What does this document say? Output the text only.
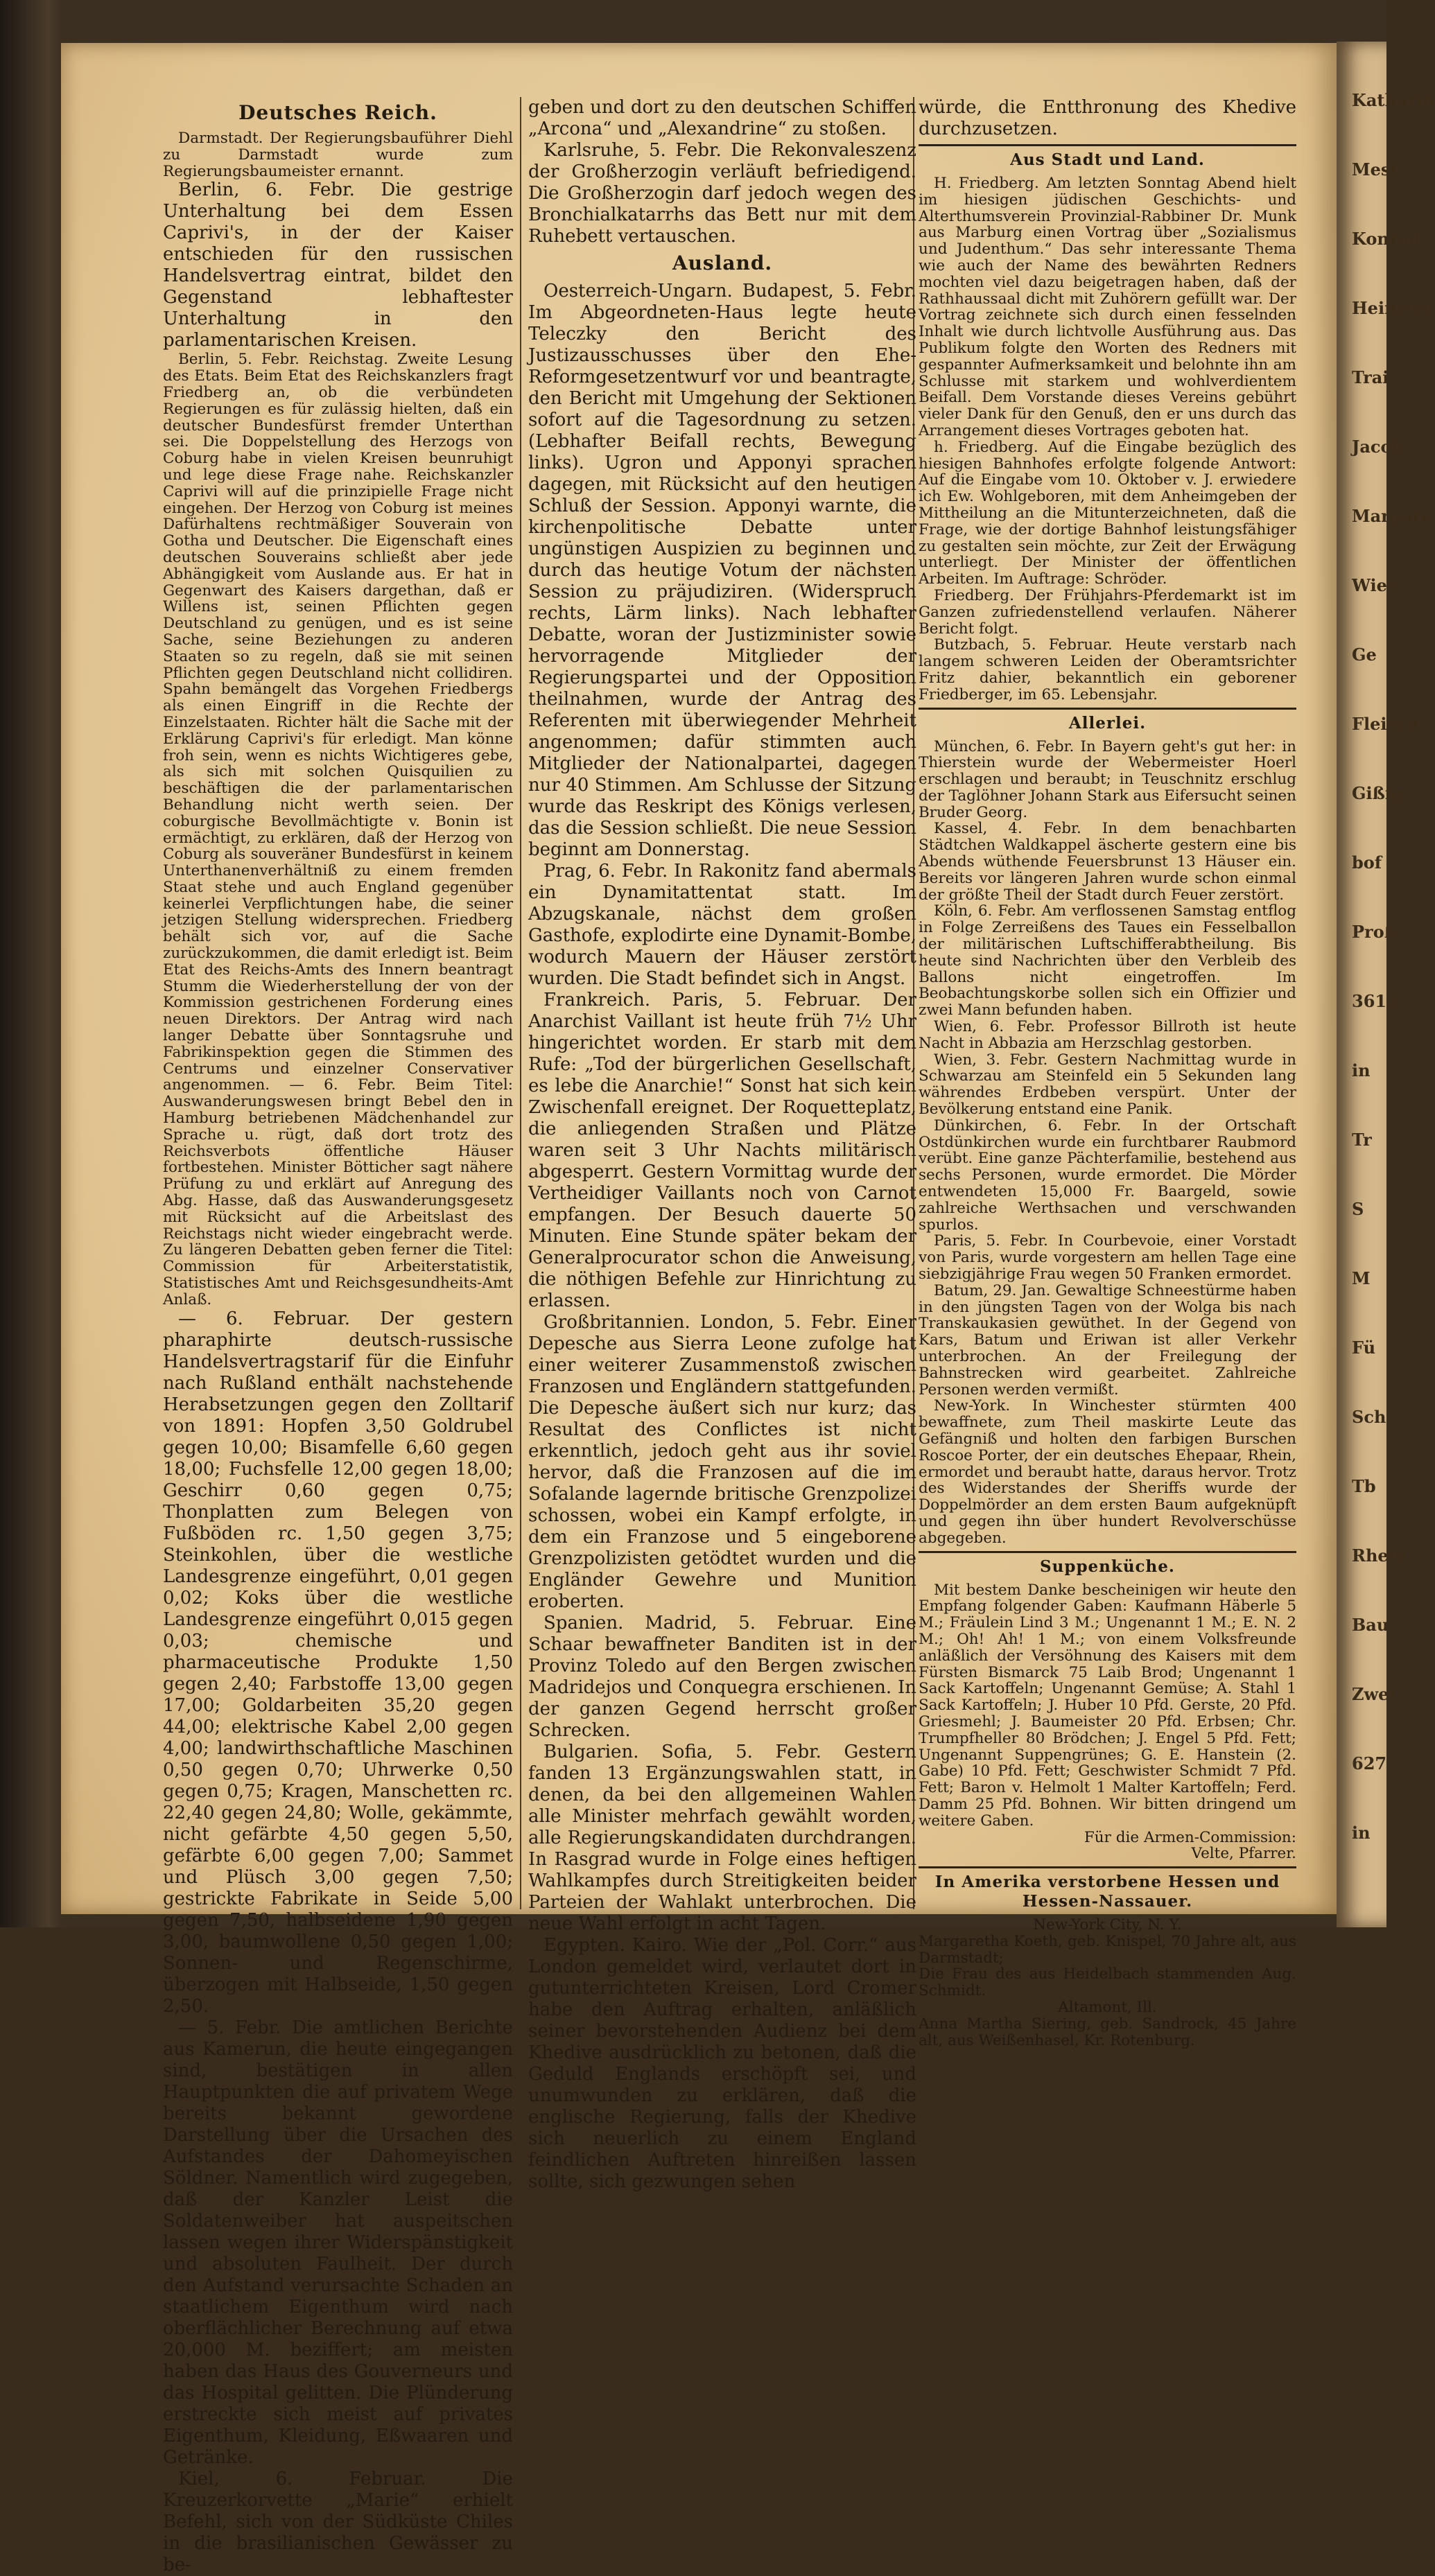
Katharin
Mesl
Konrad
Heinrich
Trai
Jacob
Margare
Wies
Ge
Fleisch
Gißig
bof
Proß
3612
in
Tr
S
M
Fü
Sch
Tb
Rhein
Bau
Zwei
627
in
Deutsches Reich.

Darmstadt. Der Regierungsbauführer Diehl zu Darmstadt wurde zum Regierungsbaumeister ernannt.

Berlin, 6. Febr. Die gestrige Unterhaltung bei dem Essen Caprivi's, in der der Kaiser entschieden für den russischen Handelsvertrag eintrat, bildet den Gegenstand lebhaftester Unterhaltung in den parlamentarischen Kreisen.

Berlin, 5. Febr. Reichstag. Zweite Lesung des Etats. Beim Etat des Reichskanzlers fragt Friedberg an, ob die verbündeten Regierungen es für zulässig hielten, daß ein deutscher Bundesfürst fremder Unterthan sei. Die Doppelstellung des Herzogs von Coburg habe in vielen Kreisen beunruhigt und lege diese Frage nahe. Reichskanzler Caprivi will auf die prinzipielle Frage nicht eingehen. Der Herzog von Coburg ist meines Dafürhaltens rechtmäßiger Souverain von Gotha und Deutscher. Die Eigenschaft eines deutschen Souverains schließt aber jede Abhängigkeit vom Auslande aus. Er hat in Gegenwart des Kaisers dargethan, daß er Willens ist, seinen Pflichten gegen Deutschland zu genügen, und es ist seine Sache, seine Beziehungen zu anderen Staaten so zu regeln, daß sie mit seinen Pflichten gegen Deutschland nicht collidiren. Spahn bemängelt das Vorgehen Friedbergs als einen Eingriff in die Rechte der Einzelstaaten. Richter hält die Sache mit der Erklärung Caprivi's für erledigt. Man könne froh sein, wenn es nichts Wichtigeres gebe, als sich mit solchen Quisquilien zu beschäftigen die der parlamentarischen Behandlung nicht werth seien. Der coburgische Bevollmächtigte v. Bonin ist ermächtigt, zu erklären, daß der Herzog von Coburg als souveräner Bundesfürst in keinem Unterthanenverhältniß zu einem fremden Staat stehe und auch England gegenüber keinerlei Verpflichtungen habe, die seiner jetzigen Stellung widersprechen. Friedberg behält sich vor, auf die Sache zurückzukommen, die damit erledigt ist. Beim Etat des Reichs-Amts des Innern beantragt Stumm die Wiederherstellung der von der Kommission gestrichenen Forderung eines neuen Direktors. Der Antrag wird nach langer Debatte über Sonntagsruhe und Fabrikinspektion gegen die Stimmen des Centrums und einzelner Conservativer angenommen. — 6. Febr. Beim Titel: Auswanderungswesen bringt Bebel den in Hamburg betriebenen Mädchenhandel zur Sprache u. rügt, daß dort trotz des Reichsverbots öffentliche Häuser fortbestehen. Minister Bötticher sagt nähere Prüfung zu und erklärt auf Anregung des Abg. Hasse, daß das Auswanderungsgesetz mit Rücksicht auf die Arbeitslast des Reichstags nicht wieder eingebracht werde. Zu längeren Debatten geben ferner die Titel: Commission für Arbeiterstatistik, Statistisches Amt und Reichsgesundheits-Amt Anlaß.

— 6. Februar. Der gestern pharaphirte deutsch-russische Handelsvertragstarif für die Einfuhr nach Rußland enthält nachstehende Herabsetzungen gegen den Zolltarif von 1891: Hopfen 3,50 Goldrubel gegen 10,00; Bisamfelle 6,60 gegen 18,00; Fuchsfelle 12,00 gegen 18,00; Geschirr 0,60 gegen 0,75; Thonplatten zum Belegen von Fußböden rc. 1,50 gegen 3,75; Steinkohlen, über die westliche Landesgrenze eingeführt, 0,01 gegen 0,02; Koks über die westliche Landesgrenze eingeführt 0,015 gegen 0,03; chemische und pharmaceutische Produkte 1,50 gegen 2,40; Farbstoffe 13,00 gegen 17,00; Goldarbeiten 35,20 gegen 44,00; elektrische Kabel 2,00 gegen 4,00; landwirthschaftliche Maschinen 0,50 gegen 0,70; Uhrwerke 0,50 gegen 0,75; Kragen, Manschetten rc. 22,40 gegen 24,80; Wolle, gekämmte, nicht gefärbte 4,50 gegen 5,50, gefärbte 6,00 gegen 7,00; Sammet und Plüsch 3,00 gegen 7,50; gestrickte Fabrikate in Seide 5,00 gegen 7,50, halbseidene 1,90 gegen 3,00, baumwollene 0,50 gegen 1,00; Sonnen- und Regenschirme, überzogen mit Halbseide, 1,50 gegen 2,50.

— 5. Febr. Die amtlichen Berichte aus Kamerun, die heute eingegangen sind, bestätigen in allen Hauptpunkten die auf privatem Wege bereits bekannt gewordene Darstellung über die Ursachen des Aufstandes der Dahomeyischen Söldner. Namentlich wird zugegeben, daß der Kanzler Leist die Soldatenweiber hat auspeitschen lassen wegen ihrer Widerspänstigkeit und absoluten Faulheit. Der durch den Aufstand verursachte Schaden an staatlichem Eigenthum wird nach oberflächlicher Berechnung auf etwa 20,000 M. beziffert; am meisten haben das Haus des Gouverneurs und das Hospital gelitten. Die Plünderung erstreckte sich meist auf privates Eigenthum, Kleidung, Eßwaaren und Getränke.

Kiel, 6. Februar. Die Kreuzerkorvette „Marie“ erhielt Befehl, sich von der Südküste Chiles in die brasilianischen Gewässer zu be-

geben und dort zu den deutschen Schiffen „Arcona“ und „Alexandrine“ zu stoßen.

Karlsruhe, 5. Febr. Die Rekonvaleszenz der Großherzogin verläuft befriedigend. Die Großherzogin darf jedoch wegen des Bronchialkatarrhs das Bett nur mit dem Ruhebett vertauschen.

Ausland.

Oesterreich-Ungarn. Budapest, 5. Febr. Im Abgeordneten-Haus legte heute Teleczky den Bericht des Justizausschusses über den Ehe-Reformgesetzentwurf vor und beantragte, den Bericht mit Umgehung der Sektionen sofort auf die Tagesordnung zu setzen. (Lebhafter Beifall rechts, Bewegung links). Ugron und Apponyi sprachen dagegen, mit Rücksicht auf den heutigen Schluß der Session. Apponyi warnte, die kirchenpolitische Debatte unter ungünstigen Auspizien zu beginnen und durch das heutige Votum der nächsten Session zu präjudiziren. (Widerspruch rechts, Lärm links). Nach lebhafter Debatte, woran der Justizminister sowie hervorragende Mitglieder der Regierungspartei und der Opposition theilnahmen, wurde der Antrag des Referenten mit überwiegender Mehrheit angenommen; dafür stimmten auch Mitglieder der Nationalpartei, dagegen nur 40 Stimmen. Am Schlusse der Sitzung wurde das Reskript des Königs verlesen, das die Session schließt. Die neue Session beginnt am Donnerstag.

Prag, 6. Febr. In Rakonitz fand abermals ein Dynamitattentat statt. Im Abzugskanale, nächst dem großen Gasthofe, explodirte eine Dynamit-Bombe, wodurch Mauern der Häuser zerstört wurden. Die Stadt befindet sich in Angst.

Frankreich. Paris, 5. Februar. Der Anarchist Vaillant ist heute früh 7½ Uhr hingerichtet worden. Er starb mit dem Rufe: „Tod der bürgerlichen Gesellschaft, es lebe die Anarchie!“ Sonst hat sich kein Zwischenfall ereignet. Der Roquetteplatz, die anliegenden Straßen und Plätze waren seit 3 Uhr Nachts militärisch abgesperrt. Gestern Vormittag wurde der Vertheidiger Vaillants noch von Carnot empfangen. Der Besuch dauerte 50 Minuten. Eine Stunde später bekam der Generalprocurator schon die Anweisung, die nöthigen Befehle zur Hinrichtung zu erlassen.

Großbritannien. London, 5. Febr. Einer Depesche aus Sierra Leone zufolge hat einer weiterer Zusammenstoß zwischen Franzosen und Engländern stattgefunden. Die Depesche äußert sich nur kurz; das Resultat des Conflictes ist nicht erkenntlich, jedoch geht aus ihr soviel hervor, daß die Franzosen auf die im Sofalande lagernde britische Grenzpolizei schossen, wobei ein Kampf erfolgte, in dem ein Franzose und 5 eingeborene Grenzpolizisten getödtet wurden und die Engländer Gewehre und Munition eroberten.

Spanien. Madrid, 5. Februar. Eine Schaar bewaffneter Banditen ist in der Provinz Toledo auf den Bergen zwischen Madridejos und Conquegra erschienen. In der ganzen Gegend herrscht großer Schrecken.

Bulgarien. Sofia, 5. Febr. Gestern fanden 13 Ergänzungswahlen statt, in denen, da bei den allgemeinen Wahlen alle Minister mehrfach gewählt worden, alle Regierungskandidaten durchdrangen. In Rasgrad wurde in Folge eines heftigen Wahlkampfes durch Streitigkeiten beider Parteien der Wahlakt unterbrochen. Die neue Wahl erfolgt in acht Tagen.

Egypten. Kairo. Wie der „Pol. Corr.“ aus London gemeldet wird, verlautet dort in gutunterrichteten Kreisen, Lord Cromer habe den Auftrag erhalten, anläßlich seiner bevorstehenden Audienz bei dem Khedive ausdrücklich zu betonen, daß die Geduld Englands erschöpft sei, und unumwunden zu erklären, daß die englische Regierung, falls der Khedive sich neuerlich zu einem England feindlichen Auftreten hinreißen lassen sollte, sich gezwungen sehen

würde, die Entthronung des Khedive durchzusetzen.

Aus Stadt und Land.

H. Friedberg. Am letzten Sonntag Abend hielt im hiesigen jüdischen Geschichts- und Alterthumsverein Provinzial-Rabbiner Dr. Munk aus Marburg einen Vortrag über „Sozialismus und Judenthum.“ Das sehr interessante Thema wie auch der Name des bewährten Redners mochten viel dazu beigetragen haben, daß der Rathhaussaal dicht mit Zuhörern gefüllt war. Der Vortrag zeichnete sich durch einen fesselnden Inhalt wie durch lichtvolle Ausführung aus. Das Publikum folgte den Worten des Redners mit gespannter Aufmerksamkeit und belohnte ihn am Schlusse mit starkem und wohlverdientem Beifall. Dem Vorstande dieses Vereins gebührt vieler Dank für den Genuß, den er uns durch das Arrangement dieses Vortrages geboten hat.

h. Friedberg. Auf die Eingabe bezüglich des hiesigen Bahnhofes erfolgte folgende Antwort: Auf die Eingabe vom 10. Oktober v. J. erwiedere ich Ew. Wohlgeboren, mit dem Anheimgeben der Mittheilung an die Mitunterzeichneten, daß die Frage, wie der dortige Bahnhof leistungsfähiger zu gestalten sein möchte, zur Zeit der Erwägung unterliegt. Der Minister der öffentlichen Arbeiten. Im Auftrage: Schröder.

Friedberg. Der Frühjahrs-Pferdemarkt ist im Ganzen zufriedenstellend verlaufen. Näherer Bericht folgt.

Butzbach, 5. Februar. Heute verstarb nach langem schweren Leiden der Oberamtsrichter Fritz dahier, bekanntlich ein geborener Friedberger, im 65. Lebensjahr.

Allerlei.

München, 6. Febr. In Bayern geht's gut her: in Thierstein wurde der Webermeister Hoerl erschlagen und beraubt; in Teuschnitz erschlug der Taglöhner Johann Stark aus Eifersucht seinen Bruder Georg.

Kassel, 4. Febr. In dem benachbarten Städtchen Waldkappel äscherte gestern eine bis Abends wüthende Feuersbrunst 13 Häuser ein. Bereits vor längeren Jahren wurde schon einmal der größte Theil der Stadt durch Feuer zerstört.

Köln, 6. Febr. Am verflossenen Samstag entflog in Folge Zerreißens des Taues ein Fesselballon der militärischen Luftschifferabtheilung. Bis heute sind Nachrichten über den Verbleib des Ballons nicht eingetroffen. Im Beobachtungskorbe sollen sich ein Offizier und zwei Mann befunden haben.

Wien, 6. Febr. Professor Billroth ist heute Nacht in Abbazia am Herzschlag gestorben.

Wien, 3. Febr. Gestern Nachmittag wurde in Schwarzau am Steinfeld ein 5 Sekunden lang währendes Erdbeben verspürt. Unter der Bevölkerung entstand eine Panik.

Dünkirchen, 6. Febr. In der Ortschaft Ostdünkirchen wurde ein furchtbarer Raubmord verübt. Eine ganze Pächterfamilie, bestehend aus sechs Personen, wurde ermordet. Die Mörder entwendeten 15,000 Fr. Baargeld, sowie zahlreiche Werthsachen und verschwanden spurlos.

Paris, 5. Febr. In Courbevoie, einer Vorstadt von Paris, wurde vorgestern am hellen Tage eine siebzigjährige Frau wegen 50 Franken ermordet.

Batum, 29. Jan. Gewaltige Schneestürme haben in den jüngsten Tagen von der Wolga bis nach Transkaukasien gewüthet. In der Gegend von Kars, Batum und Eriwan ist aller Verkehr unterbrochen. An der Freilegung der Bahnstrecken wird gearbeitet. Zahlreiche Personen werden vermißt.

New-York. In Winchester stürmten 400 bewaffnete, zum Theil maskirte Leute das Gefängniß und holten den farbigen Burschen Roscoe Porter, der ein deutsches Ehepaar, Rhein, ermordet und beraubt hatte, daraus hervor. Trotz des Widerstandes der Sheriffs wurde der Doppelmörder an dem ersten Baum aufgeknüpft und gegen ihn über hundert Revolverschüsse abgegeben.

Suppenküche.

Mit bestem Danke bescheinigen wir heute den Empfang folgender Gaben: Kaufmann Häberle 5 M.; Fräulein Lind 3 M.; Ungenannt 1 M.; E. N. 2 M.; Oh! Ah! 1 M.; von einem Volksfreunde anläßlich der Versöhnung des Kaisers mit dem Fürsten Bismarck 75 Laib Brod; Ungenannt 1 Sack Kartoffeln; Ungenannt Gemüse; A. Stahl 1 Sack Kartoffeln; J. Huber 10 Pfd. Gerste, 20 Pfd. Griesmehl; J. Baumeister 20 Pfd. Erbsen; Chr. Trumpfheller 80 Brödchen; J. Engel 5 Pfd. Fett; Ungenannt Suppengrünes; G. E. Hanstein (2. Gabe) 10 Pfd. Fett; Geschwister Schmidt 7 Pfd. Fett; Baron v. Helmolt 1 Malter Kartoffeln; Ferd. Damm 25 Pfd. Bohnen. Wir bitten dringend um weitere Gaben.

Für die Armen-Commission:

Velte, Pfarrer.

In Amerika verstorbene Hessen und Hessen-Nassauer.

New-York City, N. Y.

Margaretha Koeth, geb. Knispel, 70 Jahre alt, aus Darmstadt;

Die Frau des aus Heidelbach stammenden Aug. Schmidt.

Altamont, Ill.

Anna Martha Siering, geb. Sandrock, 45 Jahre alt, aus Weißenhasel, Kr. Rotenburg.
